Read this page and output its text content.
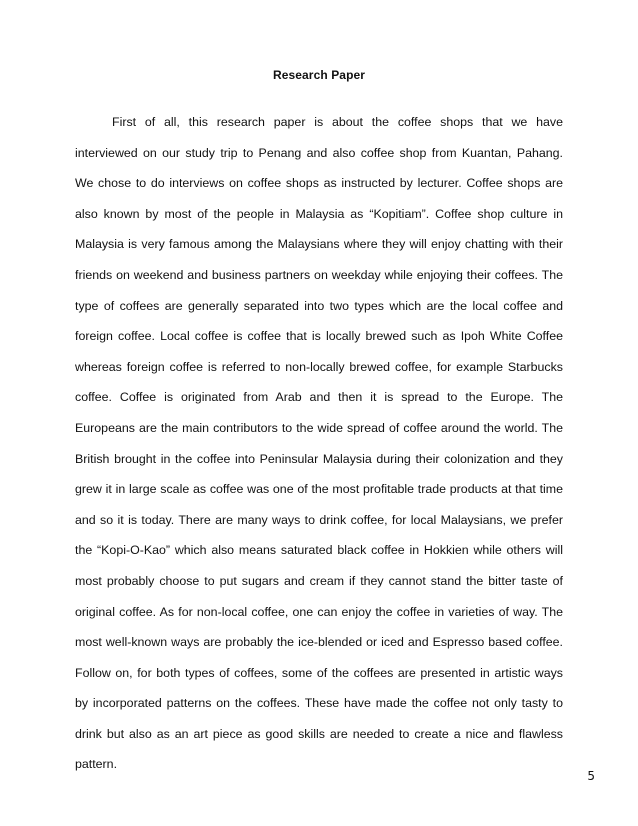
Research Paper
First of all, this research paper is about the coffee shops that we have
interviewed on our study trip to Penang and also coffee shop from Kuantan, Pahang.
We chose to do interviews on coffee shops as instructed by lecturer. Coffee shops are
also known by most of the people in Malaysia as “Kopitiam”. Coffee shop culture in
Malaysia is very famous among the Malaysians where they will enjoy chatting with their
friends on weekend and business partners on weekday while enjoying their coffees. The
type of coffees are generally separated into two types which are the local coffee and
foreign coffee. Local coffee is coffee that is locally brewed such as Ipoh White Coffee
whereas foreign coffee is referred to non-locally brewed coffee, for example Starbucks
coffee. Coffee is originated from Arab and then it is spread to the Europe. The
Europeans are the main contributors to the wide spread of coffee around the world. The
British brought in the coffee into Peninsular Malaysia during their colonization and they
grew it in large scale as coffee was one of the most profitable trade products at that time
and so it is today. There are many ways to drink coffee, for local Malaysians, we prefer
the “Kopi-O-Kao” which also means saturated black coffee in Hokkien while others will
most probably choose to put sugars and cream if they cannot stand the bitter taste of
original coffee. As for non-local coffee, one can enjoy the coffee in varieties of way. The
most well-known ways are probably the ice-blended or iced and Espresso based coffee.
Follow on, for both types of coffees, some of the coffees are presented in artistic ways
by incorporated patterns on the coffees. These have made the coffee not only tasty to
drink but also as an art piece as good skills are needed to create a nice and flawless
pattern.
5
